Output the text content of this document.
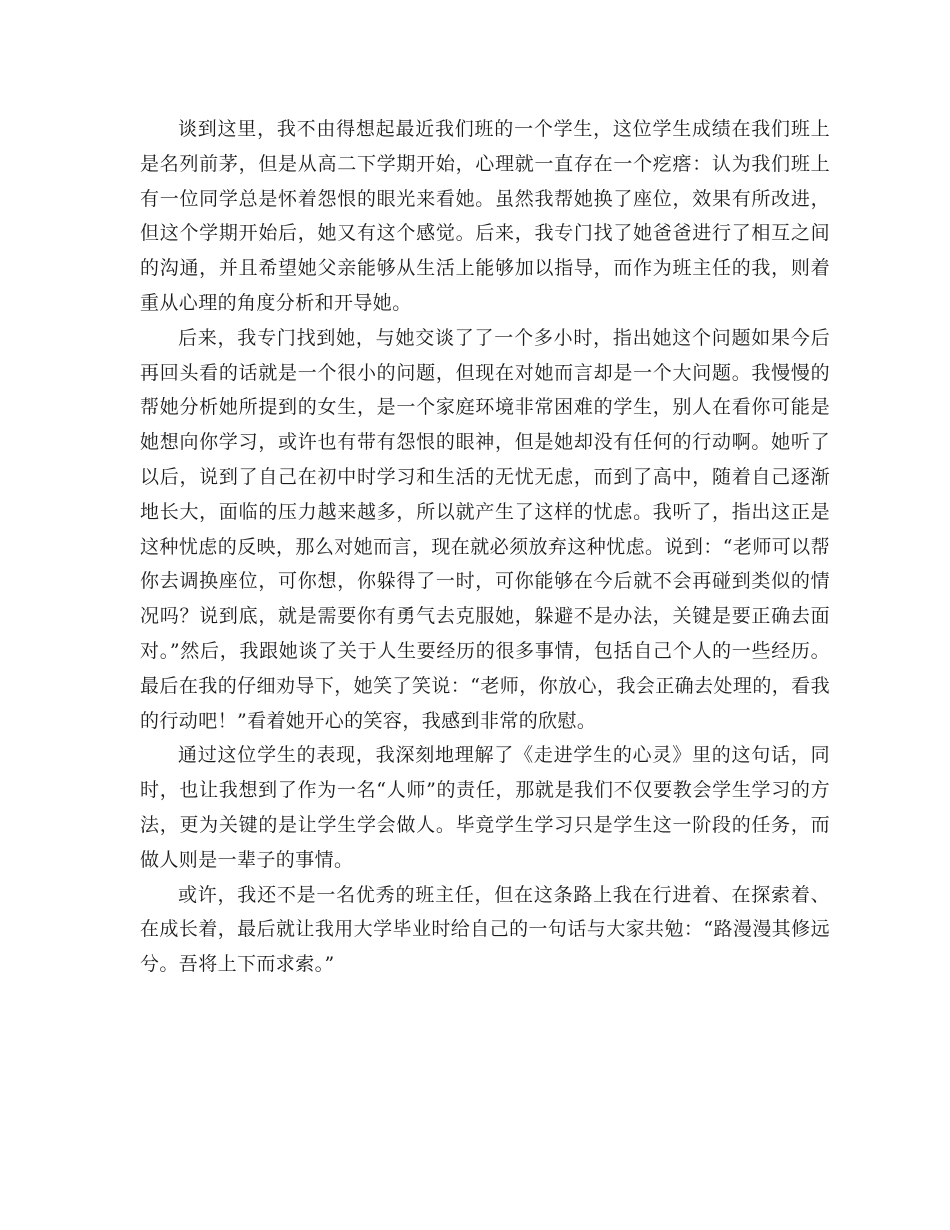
谈到这里，我不由得想起最近我们班的一个学生，这位学生成绩在我们班上是名列前茅，但是从高二下学期开始，心理就一直存在一个疙瘩：认为我们班上有一位同学总是怀着怨恨的眼光来看她。虽然我帮她换了座位，效果有所改进，但这个学期开始后，她又有这个感觉。后来，我专门找了她爸爸进行了相互之间的沟通，并且希望她父亲能够从生活上能够加以指导，而作为班主任的我，则着重从心理的角度分析和开导她。

后来，我专门找到她，与她交谈了了一个多小时，指出她这个问题如果今后再回头看的话就是一个很小的问题，但现在对她而言却是一个大问题。我慢慢的帮她分析她所提到的女生，是一个家庭环境非常困难的学生，别人在看你可能是她想向你学习，或许也有带有怨恨的眼神，但是她却没有任何的行动啊。她听了以后，说到了自己在初中时学习和生活的无忧无虑，而到了高中，随着自己逐渐地长大，面临的压力越来越多，所以就产生了这样的忧虑。我听了，指出这正是这种忧虑的反映，那么对她而言，现在就必须放弃这种忧虑。说到：“老师可以帮你去调换座位，可你想，你躲得了一时，可你能够在今后就不会再碰到类似的情况吗？说到底，就是需要你有勇气去克服她，躲避不是办法，关键是要正确去面对。”然后，我跟她谈了关于人生要经历的很多事情，包括自己个人的一些经历。最后在我的仔细劝导下，她笑了笑说：“老师，你放心，我会正确去处理的，看我的行动吧！”看着她开心的笑容，我感到非常的欣慰。

通过这位学生的表现，我深刻地理解了《走进学生的心灵》里的这句话，同时，也让我想到了作为一名“人师”的责任，那就是我们不仅要教会学生学习的方法，更为关键的是让学生学会做人。毕竟学生学习只是学生这一阶段的任务，而做人则是一辈子的事情。

或许，我还不是一名优秀的班主任，但在这条路上我在行进着、在探索着、在成长着，最后就让我用大学毕业时给自己的一句话与大家共勉：“路漫漫其修远兮。吾将上下而求索。”
